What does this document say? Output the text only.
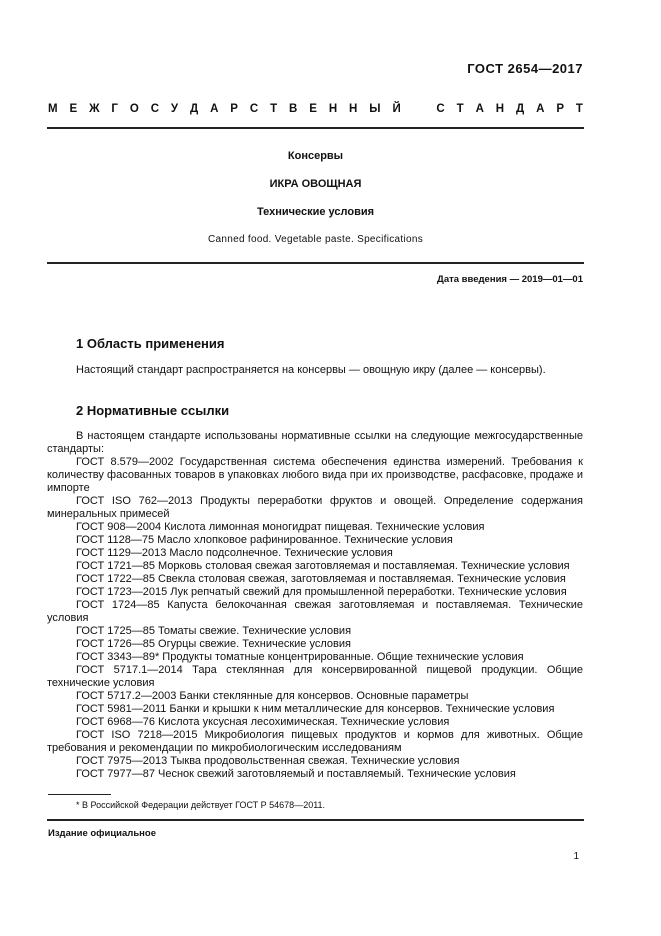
ГОСТ 2654—2017
М Е Ж Г О С У Д А Р С Т В Е Н Н Ы Й	С Т А Н Д А Р Т
Консервы
ИКРА ОВОЩНАЯ
Технические условия
Canned food. Vegetable paste. Specifications
Дата введения — 2019—01—01
1 Область применения

Настоящий стандарт распространяется на консервы — овощную икру (далее — консервы).

2 Нормативные ссылки

В настоящем стандарте использованы нормативные ссылки на следующие межгосударственные стандарты:

ГОСТ 8.579—2002 Государственная система обеспечения единства измерений. Требования к количеству фасованных товаров в упаковках любого вида при их производстве, расфасовке, продаже и импорте

ГОСТ ISO 762—2013 Продукты переработки фруктов и овощей. Определение содержания минеральных примесей

ГОСТ 908—2004 Кислота лимонная моногидрат пищевая. Технические условия

ГОСТ 1128—75 Масло хлопковое рафинированное. Технические условия

ГОСТ 1129—2013 Масло подсолнечное. Технические условия

ГОСТ 1721—85 Морковь столовая свежая заготовляемая и поставляемая. Технические условия

ГОСТ 1722—85 Свекла столовая свежая, заготовляемая и поставляемая. Технические условия

ГОСТ 1723—2015 Лук репчатый свежий для промышленной переработки. Технические условия

ГОСТ 1724—85 Капуста белокочанная свежая заготовляемая и поставляемая. Технические условия

ГОСТ 1725—85 Томаты свежие. Технические условия

ГОСТ 1726—85 Огурцы свежие. Технические условия

ГОСТ 3343—89* Продукты томатные концентрированные. Общие технические условия

ГОСТ 5717.1—2014 Тара стеклянная для консервированной пищевой продукции. Общие технические условия

ГОСТ 5717.2—2003 Банки стеклянные для консервов. Основные параметры

ГОСТ 5981—2011 Банки и крышки к ним металлические для консервов. Технические условия

ГОСТ 6968—76 Кислота уксусная лесохимическая. Технические условия

ГОСТ ISO 7218—2015 Микробиология пищевых продуктов и кормов для животных. Общие требования и рекомендации по микробиологическим исследованиям

ГОСТ 7975—2013 Тыква продовольственная свежая. Технические условия

ГОСТ 7977—87 Чеснок свежий заготовляемый и поставляемый. Технические условия

* В Российской Федерации действует ГОСТ Р 54678—2011.
Издание официальное
1
